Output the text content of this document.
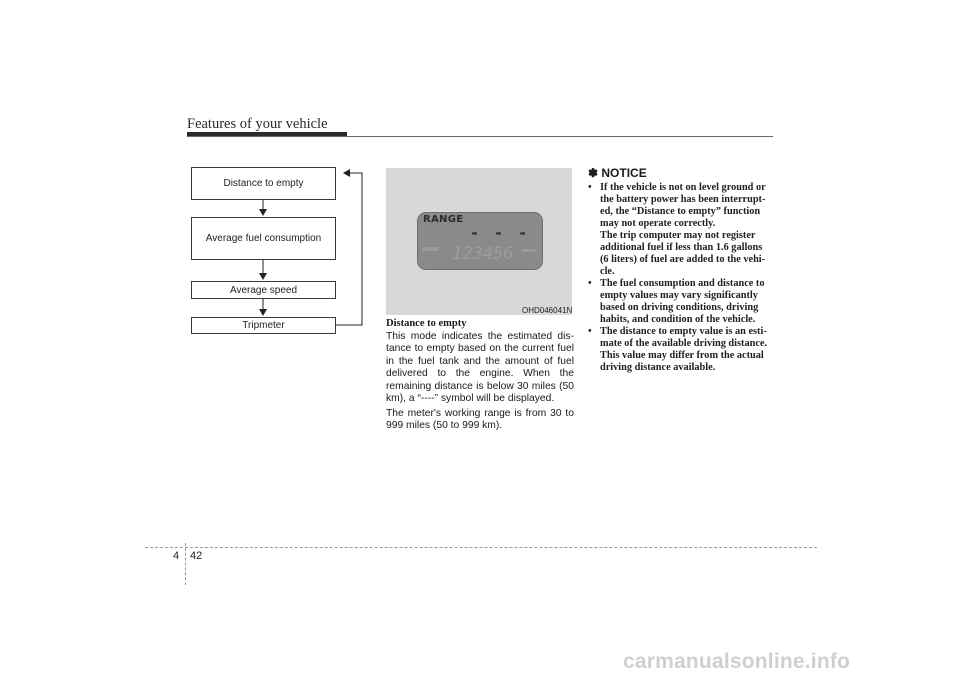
Features of your vehicle
Distance to empty
Average fuel consumption
Average speed
Tripmeter
RANGE
- - -
123456
OHD046041N
Distance to empty
This mode indicates the estimated dis-
tance to empty based on the current fuel
in the fuel tank and the amount of fuel
delivered to the engine. When the
remaining distance is below 30 miles (50
km), a “----” symbol will be displayed.
The meter's working range is from 30 to
999 miles (50 to 999 km).
✽ NOTICE
• If the vehicle is not on level ground or
the battery power has been interrupt-
ed, the “Distance to empty” function
may not operate correctly.
The trip computer may not register
additional fuel if less than 1.6 gallons
(6 liters) of fuel are added to the vehi-
cle.
• The fuel consumption and distance to
empty values may vary significantly
based on driving conditions, driving
habits, and condition of the vehicle.
• The distance to empty value is an esti-
mate of the available driving distance.
This value may differ from the actual
driving distance available.
4 42
carmanualsonline.info
